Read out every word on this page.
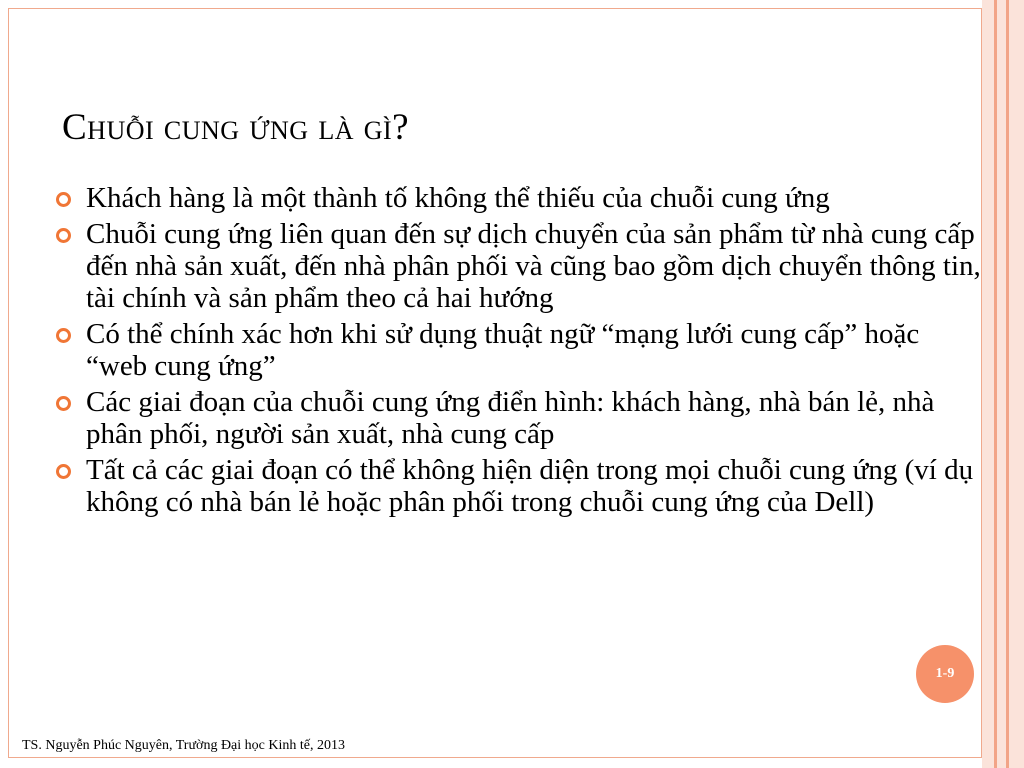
Chuỗi cung ứng là gì?
Khách hàng là một thành tố không thể thiếu của chuỗi cung ứng
Chuỗi cung ứng liên quan đến sự dịch chuyển của sản phẩm từ nhà cung cấp đến nhà sản xuất, đến nhà phân phối và cũng bao gồm dịch chuyển thông tin, tài chính và sản phẩm theo cả hai hướng
Có thể chính xác hơn khi sử dụng thuật ngữ “mạng lưới cung cấp” hoặc “web cung ứng”
Các giai đoạn của chuỗi cung ứng điển hình: khách hàng, nhà bán lẻ, nhà phân phối, người sản xuất, nhà cung cấp
Tất cả các giai đoạn có thể không hiện diện trong mọi chuỗi cung ứng (ví dụ không có nhà bán lẻ hoặc phân phối trong chuỗi cung ứng của Dell)
1-9
TS. Nguyễn Phúc Nguyên, Trường Đại học Kinh tế, 2013
